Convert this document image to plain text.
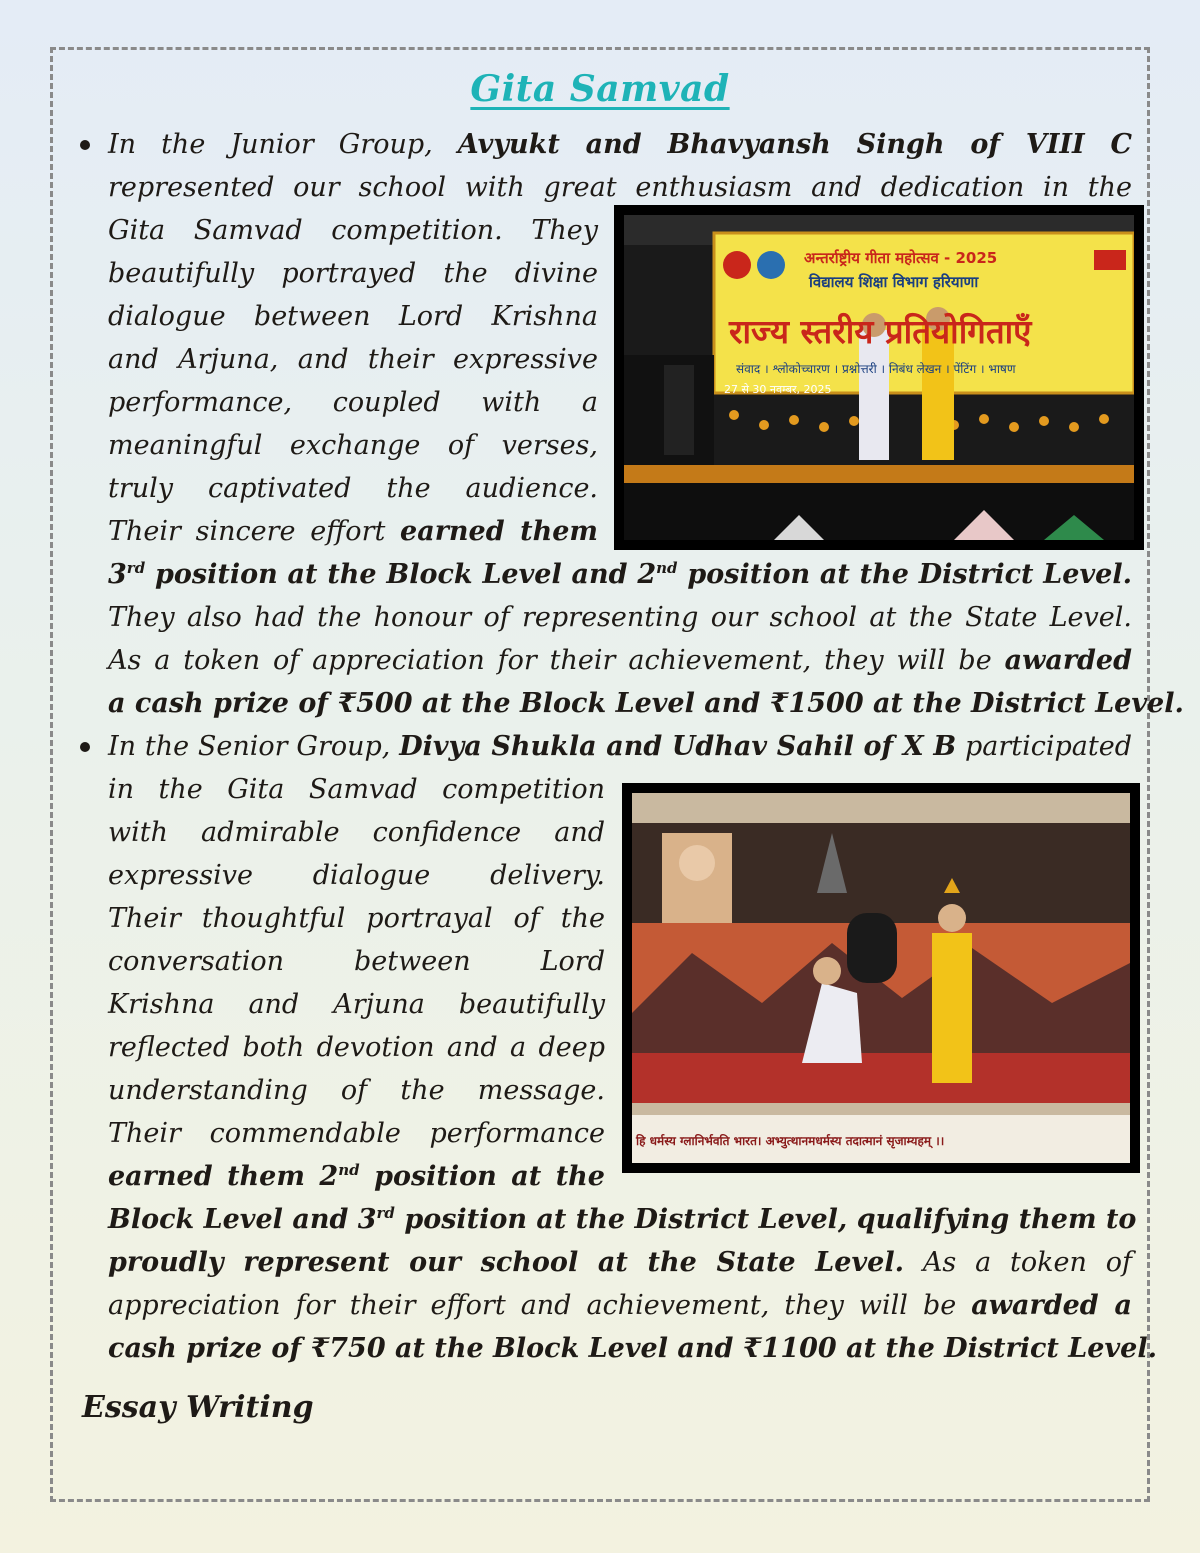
Gita Samvad
In the Junior Group, Avyukt and Bhavyansh Singh of VIII C
represented our school with great enthusiasm and dedication in the
Gita Samvad competition. They
beautifully portrayed the divine
dialogue between Lord Krishna
and Arjuna, and their expressive
performance, coupled with a
meaningful exchange of verses,
truly captivated the audience.
Their sincere effort earned them
3rd position at the Block Level and 2nd position at the District Level.
They also had the honour of representing our school at the State Level.
As a token of appreciation for their achievement, they will be awarded
a cash prize of ₹500 at the Block Level and ₹1500 at the District Level.
अन्तर्राष्ट्रीय गीता महोत्सव - 2025
विद्यालय शिक्षा विभाग हरियाणा
राज्य स्तरीय प्रतियोगिताएँ
संवाद । श्लोकोच्चारण । प्रश्नोत्तरी । निबंध लेखन । पेंटिंग । भाषण
27 से 30 नवम्बर, 2025
In the Senior Group, Divya Shukla and Udhav Sahil of X B participated
in the Gita Samvad competition
with admirable confidence and
expressive dialogue delivery.
Their thoughtful portrayal of the
conversation between Lord
Krishna and Arjuna beautifully
reflected both devotion and a deep
understanding of the message.
Their commendable performance
earned them 2nd position at the
Block Level and 3rd position at the District Level, qualifying them to
proudly represent our school at the State Level. As a token of
appreciation for their effort and achievement, they will be awarded a
cash prize of ₹750 at the Block Level and ₹1100 at the District Level.
हि धर्मस्य ग्लानिर्भवति भारत। अभ्युत्थानमधर्मस्य तदात्मानं सृजाम्यहम् ।।
Essay Writing
